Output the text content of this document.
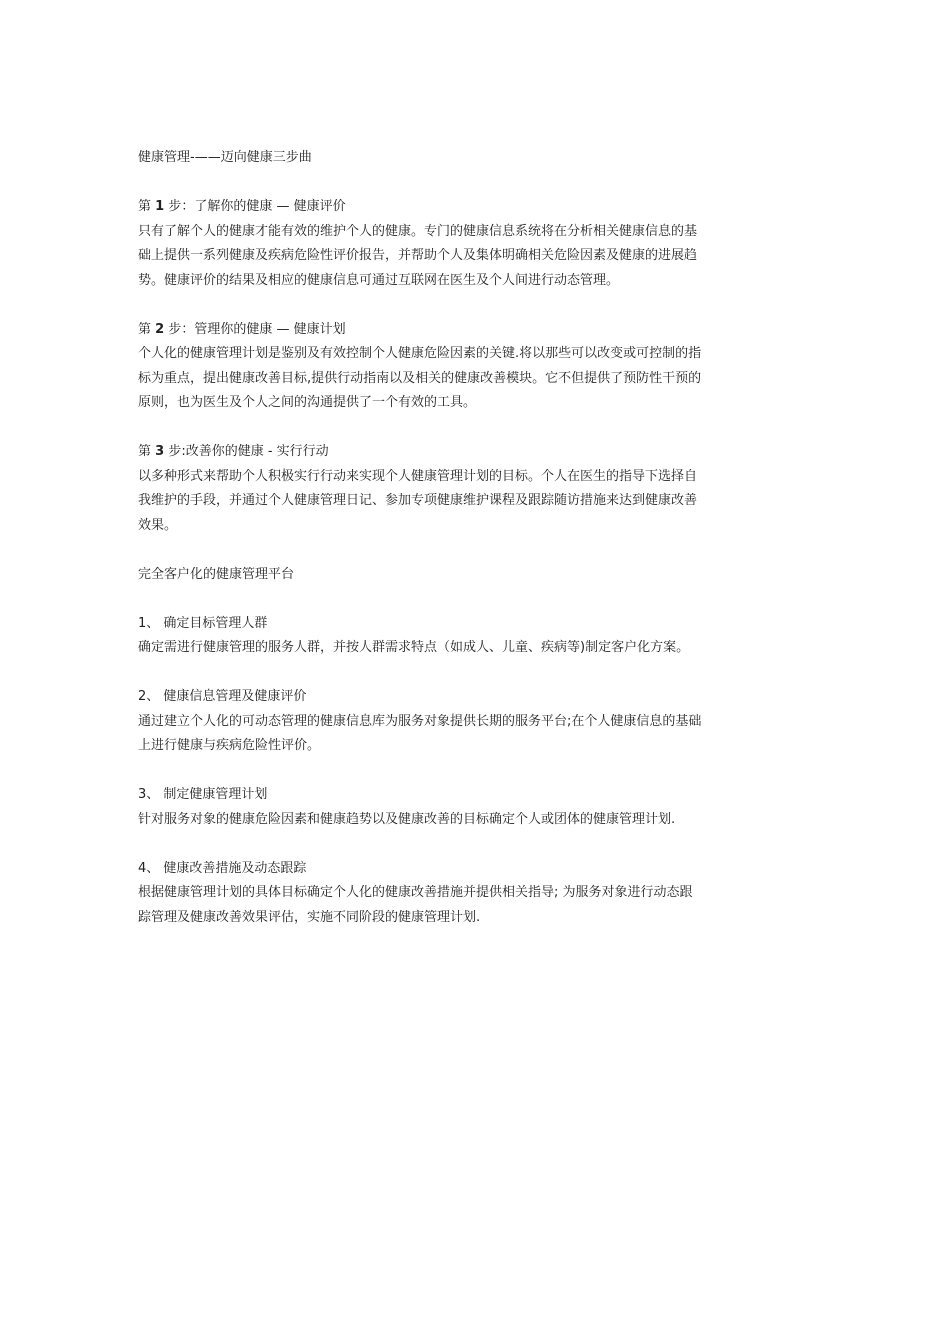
健康管理-——迈向健康三步曲

第 1 步：了解你的健康 — 健康评价

只有了解个人的健康才能有效的维护个人的健康。专门的健康信息系统将在分析相关健康信息的基

础上提供一系列健康及疾病危险性评价报告，并帮助个人及集体明确相关危险因素及健康的进展趋

势。健康评价的结果及相应的健康信息可通过互联网在医生及个人间进行动态管理。

第 2 步：管理你的健康 — 健康计划

个人化的健康管理计划是鉴别及有效控制个人健康危险因素的关键.将以那些可以改变或可控制的指

标为重点，提出健康改善目标,提供行动指南以及相关的健康改善模块。它不但提供了预防性干预的

原则，也为医生及个人之间的沟通提供了一个有效的工具。

第 3 步:改善你的健康 - 实行行动

以多种形式来帮助个人积极实行行动来实现个人健康管理计划的目标。个人在医生的指导下选择自

我维护的手段，并通过个人健康管理日记、参加专项健康维护课程及跟踪随访措施来达到健康改善

效果。

完全客户化的健康管理平台

1、 确定目标管理人群

确定需进行健康管理的服务人群，并按人群需求特点（如成人、儿童、疾病等)制定客户化方案。

2、 健康信息管理及健康评价

通过建立个人化的可动态管理的健康信息库为服务对象提供长期的服务平台;在个人健康信息的基础

上进行健康与疾病危险性评价。

3、 制定健康管理计划

针对服务对象的健康危险因素和健康趋势以及健康改善的目标确定个人或团体的健康管理计划.

4、 健康改善措施及动态跟踪

根据健康管理计划的具体目标确定个人化的健康改善措施并提供相关指导; 为服务对象进行动态跟

踪管理及健康改善效果评估，实施不同阶段的健康管理计划.
